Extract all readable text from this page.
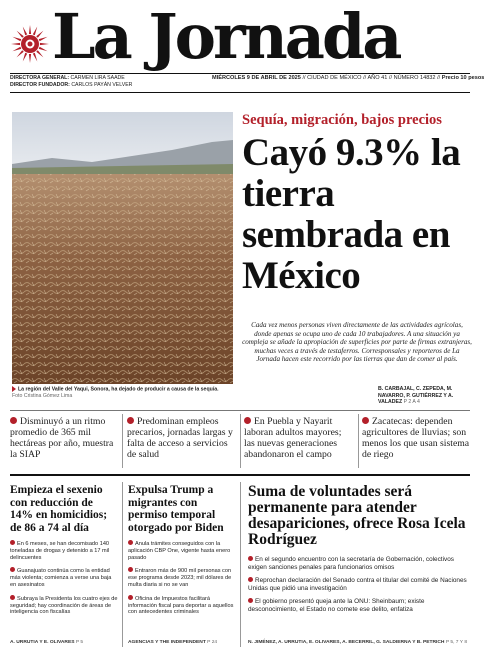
La Jornada
DIRECTORA GENERAL: CARMEN LIRA SAADE
DIRECTOR FUNDADOR: CARLOS PAYÁN VELVER
MIÉRCOLES 9 DE ABRIL DE 2025 // CIUDAD DE MÉXICO // AÑO 41 // NÚMERO 14832 // Precio 10 pesos
La región del Valle del Yaqui, Sonora, ha dejado de producir a causa de la sequía.
Foto Cristina Gómez Lima
Sequía, migración, bajos precios
Cayó 9.3% la tierra sembrada en México
Cada vez menos personas viven directamente de las actividades agrícolas, donde apenas se ocupa uno de cada 10 trabajadores. A una situación ya compleja se añade la apropiación de superficies por parte de firmas extranjeras, muchas veces a través de testaferros. Corresponsales y reporteros de La Jornada hacen este recorrido por las tierras que dan de comer al país.
B. CARBAJAL, C. ZEPEDA, M. NAVARRO, P. GUTIÉRREZ Y A. VALADEZ P 2 A 4
Disminuyó a un ritmo promedio de 365 mil hectáreas por año, muestra la SIAP
Predominan empleos precarios, jornadas largas y falta de acceso a servicios de salud
En Puebla y Nayarit laboran adultos mayores; las nuevas generaciones abandonaron el campo
Zacatecas: dependen agricultores de lluvias; son menos los que usan sistema de riego
Empieza el sexenio con reducción de 14% en homicidios; de 86 a 74 al día
En 6 meses, se han decomisado 140 toneladas de drogas y detenido a 17 mil delincuentes
Guanajuato continúa como la entidad más violenta; comienza a verse una baja en asesinatos
Subraya la Presidenta los cuatro ejes de seguridad; hay coordinación de áreas de inteligencia con fiscalías
A. URRUTIA Y E. OLIVARES P 5
Expulsa Trump a migrantes con permiso temporal otorgado por Biden
Anula trámites conseguidos con la aplicación CBP One, vigente hasta enero pasado
Entraron más de 900 mil personas con ese programa desde 2023; mil dólares de multa diaria si no se van
Oficina de Impuestos facilitará información fiscal para deportar a aquellos con antecedentes criminales
AGENCIAS Y THE INDEPENDENT P 24
Suma de voluntades será permanente para atender desapariciones, ofrece Rosa Icela Rodríguez
En el segundo encuentro con la secretaría de Gobernación, colectivos exigen sanciones penales para funcionarios omisos
Reprochan declaración del Senado contra el titular del comité de Naciones Unidas que pidió una investigación
El gobierno presentó queja ante la ONU: Sheinbaum; existe desconocimiento, el Estado no comete ese delito, enfatiza
N. JIMÉNEZ, A. URRUTIA, E. OLIVARES, A. BECERRIL, G. SALDIERNA Y B. PETRICH P 5, 7 Y 8
